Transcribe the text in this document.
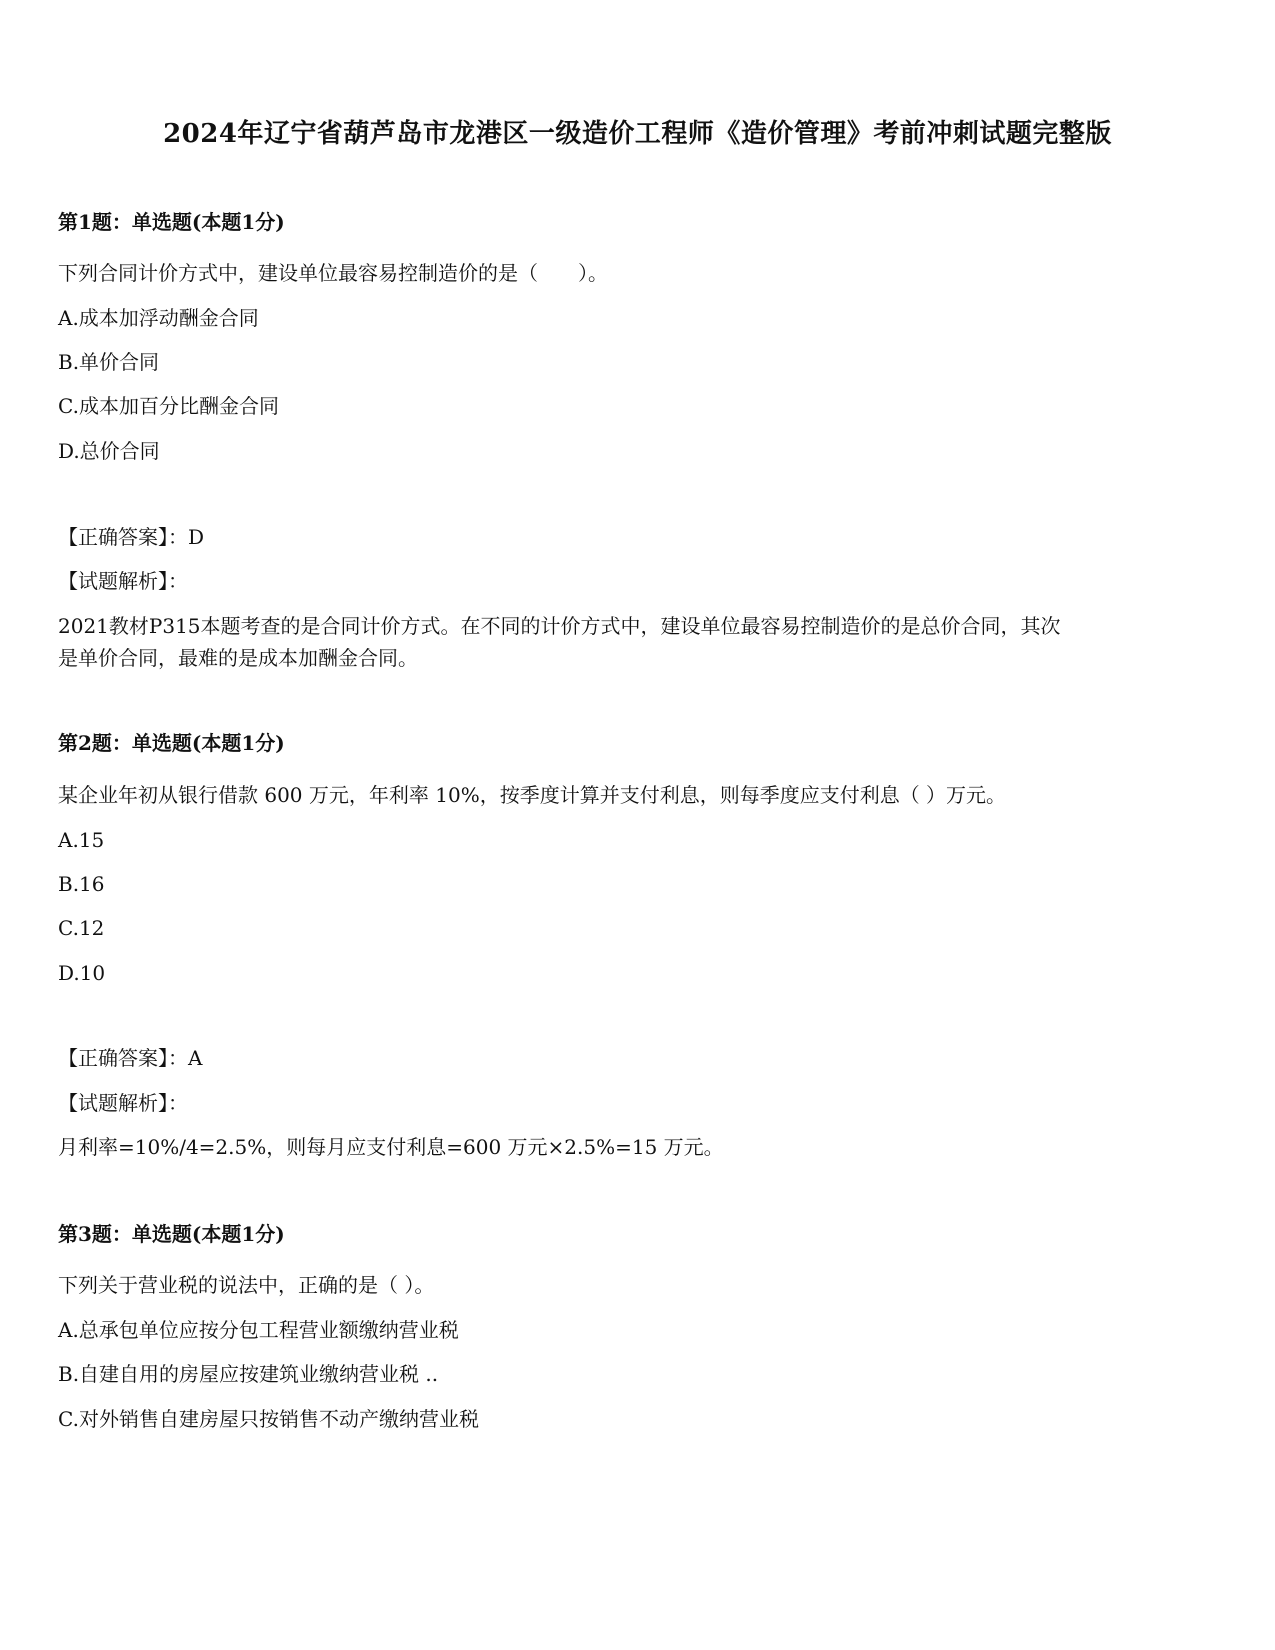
2024年辽宁省葫芦岛市龙港区一级造价工程师《造价管理》考前冲刺试题完整版
第1题：单选题(本题1分)
下列合同计价方式中，建设单位最容易控制造价的是（　　）。
A.成本加浮动酬金合同
B.单价合同
C.成本加百分比酬金合同
D.总价合同
【正确答案】：D
【试题解析】：
2021教材P315本题考查的是合同计价方式。在不同的计价方式中，建设单位最容易控制造价的是总价合同，其次
是单价合同，最难的是成本加酬金合同。
第2题：单选题(本题1分)
某企业年初从银行借款 600 万元，年利率 10%，按季度计算并支付利息，则每季度应支付利息（ ）万元。
A.15
B.16
C.12
D.10
【正确答案】：A
【试题解析】：
月利率=10%/4=2.5%，则每月应支付利息=600 万元×2.5%=15 万元。
第3题：单选题(本题1分)
下列关于营业税的说法中，正确的是（ ）。
A.总承包单位应按分包工程营业额缴纳营业税
B.自建自用的房屋应按建筑业缴纳营业税 ..
C.对外销售自建房屋只按销售不动产缴纳营业税
